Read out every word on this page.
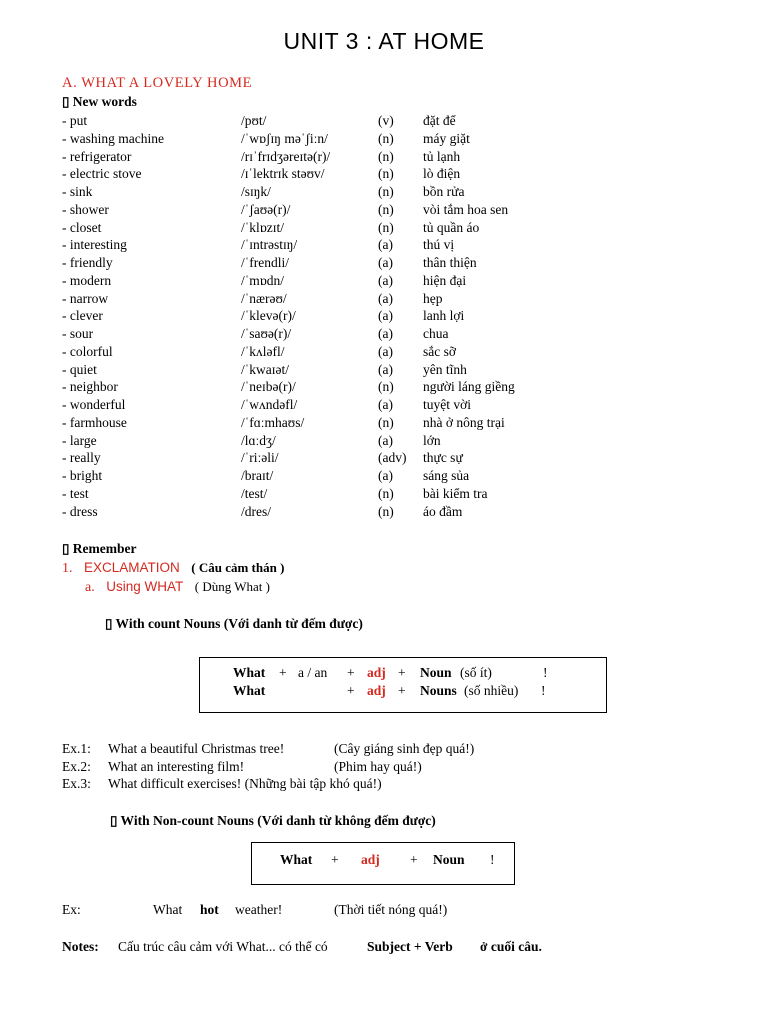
UNIT 3 : AT HOME
A. WHAT A LOVELY HOME
▯ New words
- put	/pʊt/	(v) đặt để
- washing machine	/ˈwɒʃɪŋ məˈʃiːn/	(n) máy giặt
- refrigerator	/rɪˈfrɪdʒəreɪtə(r)/	(n) tủ lạnh
- electric stove	/ɪˈlektrɪk stəʊv/	(n) lò điện
- sink	/sɪŋk/	(n) bồn rửa
- shower	/ˈʃaʊə(r)/	(n) vòi tắm hoa sen
- closet	/ˈklɒzɪt/	(n) tủ quần áo
- interesting	/ˈɪntrəstɪŋ/	(a) thú vị
- friendly	/ˈfrendli/	(a) thân thiện
- modern	/ˈmɒdn/	(a) hiện đại
- narrow	/ˈnærəʊ/	(a) hẹp
- clever	/ˈklevə(r)/	(a) lanh lợi
- sour	/ˈsaʊə(r)/	(a) chua
- colorful	/ˈkʌləfl/	(a) sắc sỡ
- quiet	/ˈkwaɪət/	(a) yên tĩnh
- neighbor	/ˈneɪbə(r)/	(n) người láng giềng
- wonderful	/ˈwʌndəfl/	(a) tuyệt vời
- farmhouse	/ˈfɑːmhaʊs/	(n) nhà ở nông trại
- large	/lɑːdʒ/	(a) lớn
- really	/ˈriːəli/	(adv) thực sự
- bright	/braɪt/	(a) sáng sủa
- test	/test/	(n) bài kiểm tra
- dress	/dres/	(n) áo đầm
▯ Remember
1. EXCLAMATION ( Câu cảm thán )
a. Using WHAT ( Dùng What )
▯ With count Nouns (Với danh từ đếm được)
What + a / an + adj + Noun (số ít)	!
What	+ adj + Nouns (số nhiều) !
Ex.1: What a beautiful Christmas tree!	(Cây giáng sinh đẹp quá!)
Ex.2: What an interesting film!	(Phim hay quá!)
Ex.3: What difficult exercises! (Những bài tập khó quá!)
▯ With Non-count Nouns (Với danh từ không đếm được)
What + adj + Noun !
Ex:	What hot weather!	(Thời tiết nóng quá!)
Notes: Cấu trúc câu cảm với What... có thể có	Subject + Verb ở cuối câu.
